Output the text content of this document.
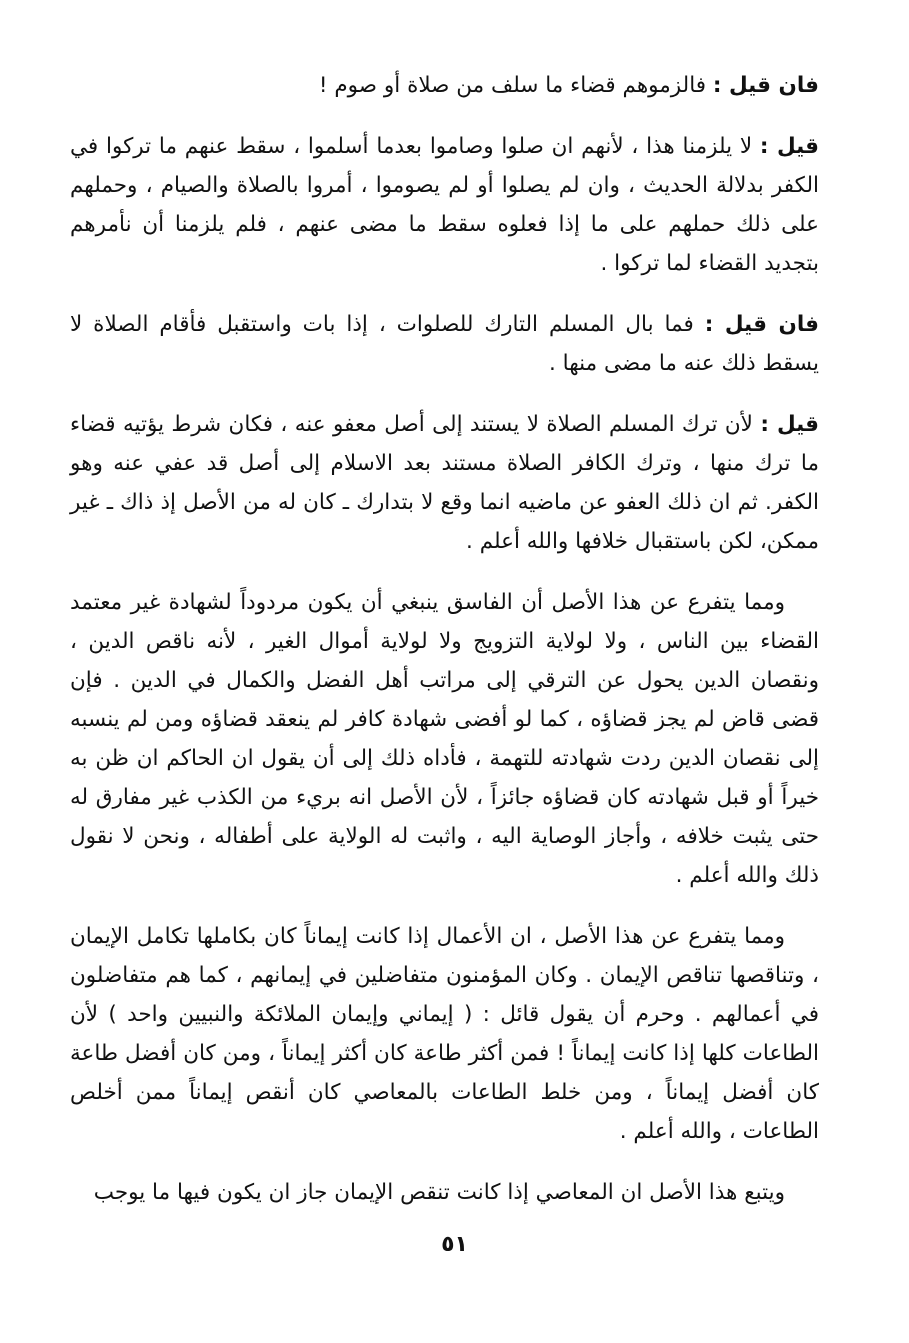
فان قيل : فالزموهم قضاء ما سلف من صلاة أو صوم !

قيل : لا يلزمنا هذا ، لأنهم ان صلوا وصاموا بعدما أسلموا ، سقط عنهم ما تركوا في الكفر بدلالة الحديث ، وان لم يصلوا أو لم يصوموا ، أمروا بالصلاة والصيام ، وحملهم على ذلك حملهم على ما إذا فعلوه سقط ما مضى عنهم ، فلم يلزمنا أن نأمرهم بتجديد القضاء لما تركوا .

فان قيل : فما بال المسلم التارك للصلوات ، إذا بات واستقبل فأقام الصلاة لا يسقط ذلك عنه ما مضى منها .

قيل : لأن ترك المسلم الصلاة لا يستند إلى أصل معفو عنه ، فكان شرط يؤتيه قضاء ما ترك منها ، وترك الكافر الصلاة مستند بعد الاسلام إلى أصل قد عفي عنه وهو الكفر. ثم ان ذلك العفو عن ماضيه انما وقع لا بتدارك ـ كان له من الأصل إذ ذاك ـ غير ممكن، لكن باستقبال خلافها والله أعلم .

ومما يتفرع عن هذا الأصل أن الفاسق ينبغي أن يكون مردوداً لشهادة غير معتمد القضاء بين الناس ، ولا لولاية التزويج ولا لولاية أموال الغير ، لأنه ناقص الدين ، ونقصان الدين يحول عن الترقي إلى مراتب أهل الفضل والكمال في الدين . فإن قضى قاض لم يجز قضاؤه ، كما لو أفضى شهادة كافر لم ينعقد قضاؤه ومن لم ينسبه إلى نقصان الدين ردت شهادته للتهمة ، فأداه ذلك إلى أن يقول ان الحاكم ان ظن به خيراً أو قبل شهادته كان قضاؤه جائزاً ، لأن الأصل انه بريء من الكذب غير مفارق له حتى يثبت خلافه ، وأجاز الوصاية اليه ، واثبت له الولاية على أطفاله ، ونحن لا نقول ذلك والله أعلم .

ومما يتفرع عن هذا الأصل ، ان الأعمال إذا كانت إيماناً كان بكاملها تكامل الإيمان ، وتناقصها تناقص الإيمان . وكان المؤمنون متفاضلين في إيمانهم ، كما هم متفاضلون في أعمالهم . وحرم أن يقول قائل : ( إيماني وإيمان الملائكة والنبيين واحد ) لأن الطاعات كلها إذا كانت إيماناً ! فمن أكثر طاعة كان أكثر إيماناً ، ومن كان أفضل طاعة كان أفضل إيماناً ، ومن خلط الطاعات بالمعاصي كان أنقص إيماناً ممن أخلص الطاعات ، والله أعلم .

ويتبع هذا الأصل ان المعاصي إذا كانت تنقص الإيمان جاز ان يكون فيها ما يوجب

٥١
